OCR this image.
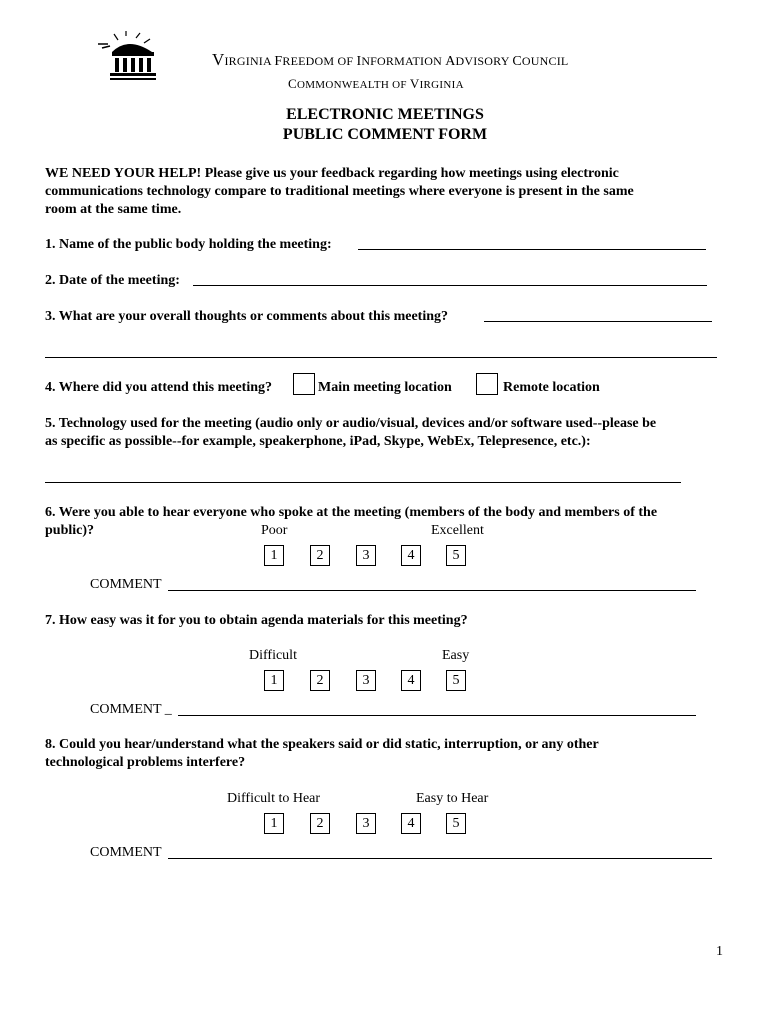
VIRGINIA FREEDOM OF INFORMATION ADVISORY COUNCIL
COMMONWEALTH OF VIRGINIA
ELECTRONIC MEETINGS
PUBLIC COMMENT FORM
WE NEED YOUR HELP! Please give us your feedback regarding how meetings using electronic
communications technology compare to traditional meetings where everyone is present in the same
room at the same time.
1. Name of the public body holding the meeting:
2. Date of the meeting:
3. What are your overall thoughts or comments about this meeting?
4. Where did you attend this meeting?	Main meeting location	Remote location
5. Technology used for the meeting (audio only or audio/visual, devices and/or software used--please be
as specific as possible--for example, speakerphone, iPad, Skype, WebEx, Telepresence, etc.):
6. Were you able to hear everyone who spoke at the meeting (members of the body and members of the
public)?	Poor	Excellent
1	2	3	4	5
COMMENT
7. How easy was it for you to obtain agenda materials for this meeting?
Difficult	Easy
1	2	3	4	5
COMMENT _
8. Could you hear/understand what the speakers said or did static, interruption, or any other
technological problems interfere?
Difficult to Hear	Easy to Hear
1	2	3	4	5
COMMENT
1
